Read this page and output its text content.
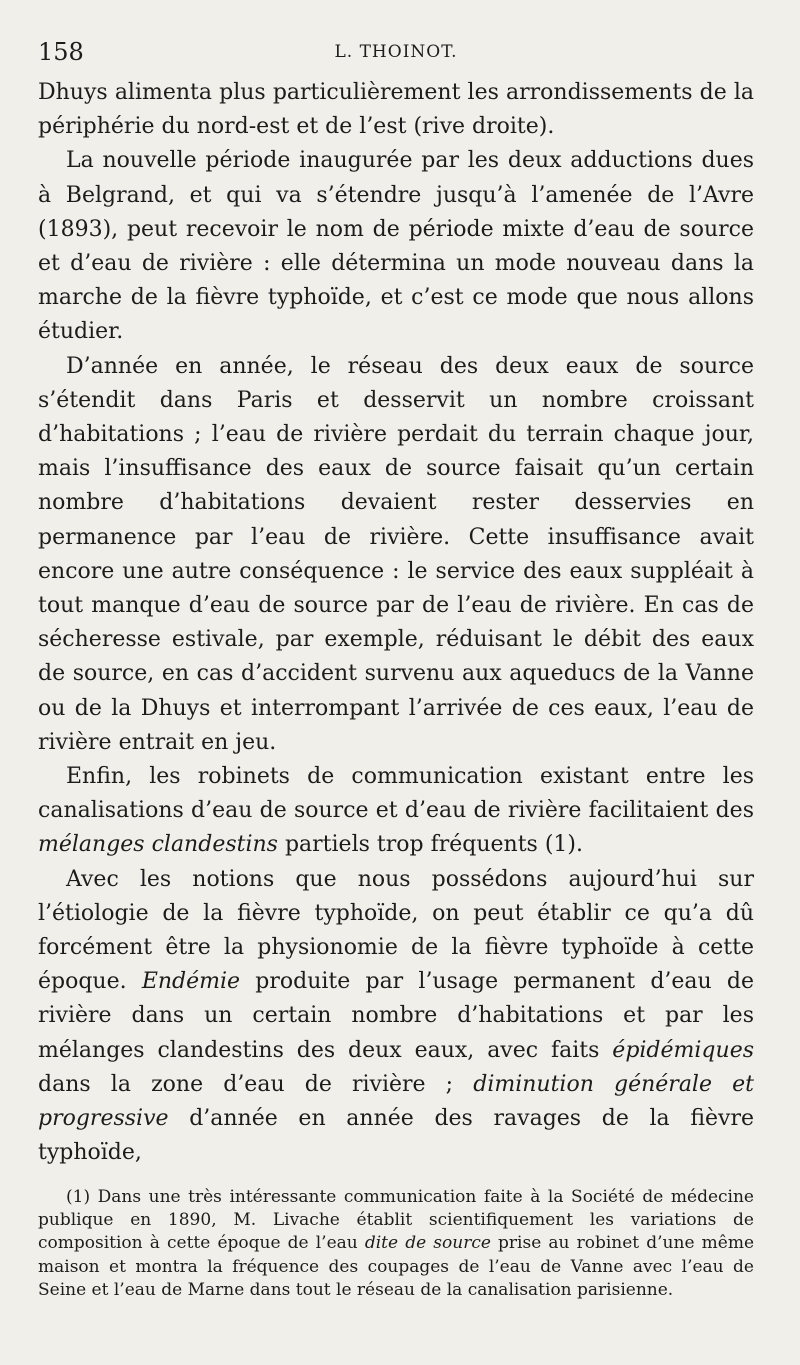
158	L. THOINOT.

Dhuys alimenta plus particulièrement les arrondissements de la périphérie du nord-est et de l’est (rive droite).

La nouvelle période inaugurée par les deux adductions dues à Belgrand, et qui va s’étendre jusqu’à l’amenée de l’Avre (1893), peut recevoir le nom de période mixte d’eau de source et d’eau de rivière : elle détermina un mode nouveau dans la marche de la fièvre typhoïde, et c’est ce mode que nous allons étudier.

D’année en année, le réseau des deux eaux de source s’étendit dans Paris et desservit un nombre croissant d’habitations ; l’eau de rivière perdait du terrain chaque jour, mais l’insuffisance des eaux de source faisait qu’un certain nombre d’habitations devaient rester desservies en permanence par l’eau de rivière. Cette insuffisance avait encore une autre conséquence : le service des eaux suppléait à tout manque d’eau de source par de l’eau de rivière. En cas de sécheresse estivale, par exemple, réduisant le débit des eaux de source, en cas d’accident survenu aux aqueducs de la Vanne ou de la Dhuys et interrompant l’arrivée de ces eaux, l’eau de rivière entrait en jeu.

Enfin, les robinets de communication existant entre les canalisations d’eau de source et d’eau de rivière facilitaient des mélanges clandestins partiels trop fréquents (1).

Avec les notions que nous possédons aujourd’hui sur l’étiologie de la fièvre typhoïde, on peut établir ce qu’a dû forcément être la physionomie de la fièvre typhoïde à cette époque. Endémie produite par l’usage permanent d’eau de rivière dans un certain nombre d’habitations et par les mélanges clandestins des deux eaux, avec faits épidémiques dans la zone d’eau de rivière ; diminution générale et progressive d’année en année des ravages de la fièvre typhoïde,

(1) Dans une très intéressante communication faite à la Société de médecine publique en 1890, M. Livache établit scientifiquement les variations de composition à cette époque de l’eau dite de source prise au robinet d’une même maison et montra la fréquence des coupages de l’eau de Vanne avec l’eau de Seine et l’eau de Marne dans tout le réseau de la canalisation parisienne.
